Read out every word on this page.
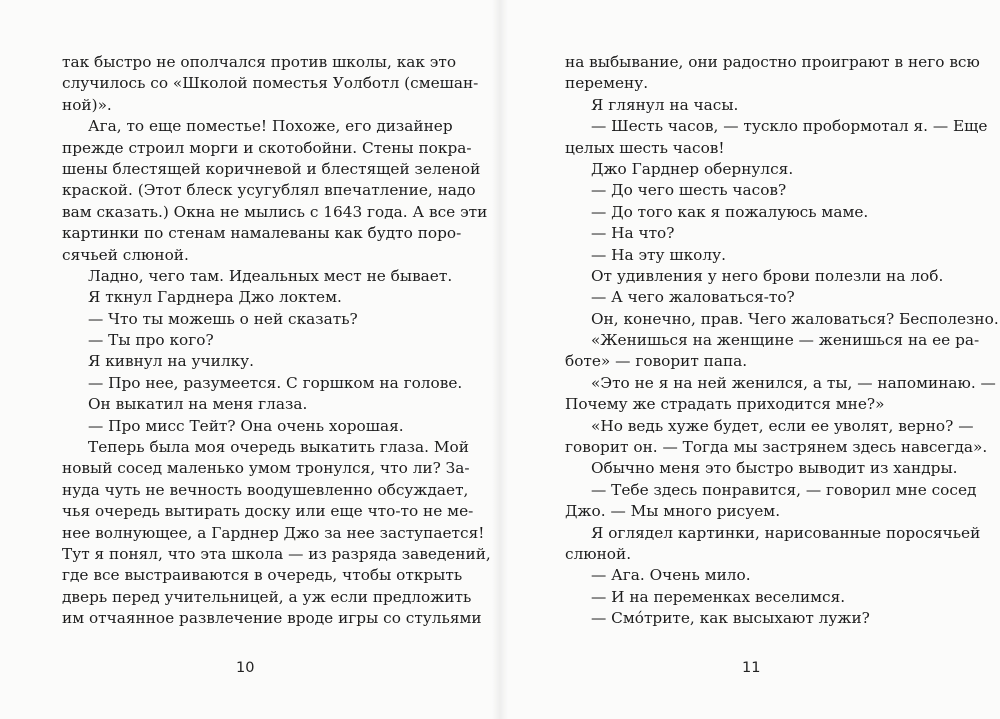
так быстро не ополчался против школы, как это
случилось со «Школой поместья Уолботл (смешан-
ной)».
Ага, то еще поместье! Похоже, его дизайнер
прежде строил морги и скотобойни. Стены покра-
шены блестящей коричневой и блестящей зеленой
краской. (Этот блеск усугублял впечатление, надо
вам сказать.) Окна не мылись с 1643 года. А все эти
картинки по стенам намалеваны как будто поро-
сячьей слюной.
Ладно, чего там. Идеальных мест не бывает.
Я ткнул Гарднера Джо локтем.
— Что ты можешь о ней сказать?
— Ты про кого?
Я кивнул на училку.
— Про нее, разумеется. С горшком на голове.
Он выкатил на меня глаза.
— Про мисс Тейт? Она очень хорошая.
Теперь была моя очередь выкатить глаза. Мой
новый сосед маленько умом тронулся, что ли? За-
нуда чуть не вечность воодушевленно обсуждает,
чья очередь вытирать доску или еще что-то не ме-
нее волнующее, а Гарднер Джо за нее заступается!
Тут я понял, что эта школа — из разряда заведений,
где все выстраиваются в очередь, чтобы открыть
дверь перед учительницей, а уж если предложить
им отчаянное развлечение вроде игры со стульями
на выбывание, они радостно проиграют в него всю
перемену.
Я глянул на часы.
— Шесть часов, — тускло пробормотал я. — Еще
целых шесть часов!
Джо Гарднер обернулся.
— До чего шесть часов?
— До того как я пожалуюсь маме.
— На что?
— На эту школу.
От удивления у него брови полезли на лоб.
— А чего жаловаться-то?
Он, конечно, прав. Чего жаловаться? Бесполезно.
«Женишься на женщине — женишься на ее ра-
боте» — говорит папа.
«Это не я на ней женился, а ты, — напоминаю. —
Почему же страдать приходится мне?»
«Но ведь хуже будет, если ее уволят, верно? —
говорит он. — Тогда мы застрянем здесь навсегда».
Обычно меня это быстро выводит из хандры.
— Тебе здесь понравится, — говорил мне сосед
Джо. — Мы много рисуем.
Я оглядел картинки, нарисованные поросячьей
слюной.
— Ага. Очень мило.
— И на переменках веселимся.
— Смóтрите, как высыхают лужи?
10	11
